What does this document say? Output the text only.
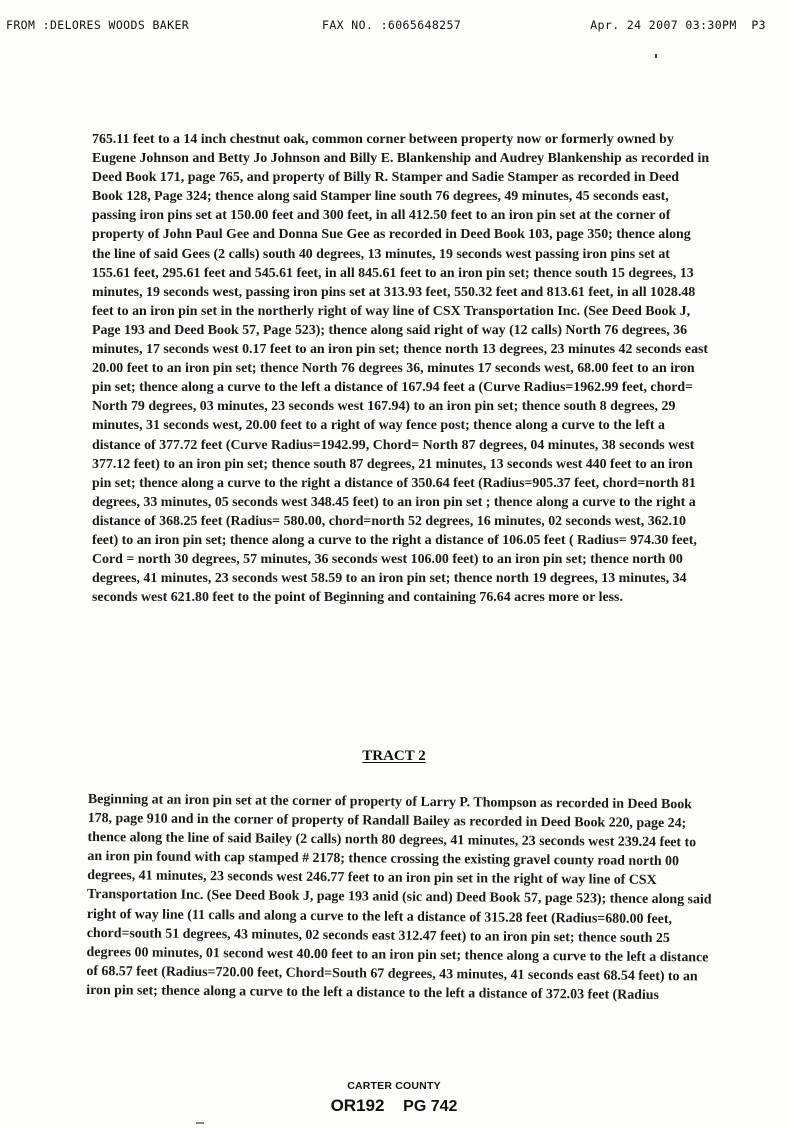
FROM :DELORES WOODS BAKER	FAX NO. :6065648257	Apr. 24 2007 03:30PM  P3

765.11 feet to a 14 inch chestnut oak, common corner between property now or formerly owned by Eugene Johnson and Betty Jo Johnson and Billy E. Blankenship and Audrey Blankenship as recorded in Deed Book 171, page 765, and property of Billy R. Stamper and Sadie Stamper as recorded in Deed Book 128, Page 324; thence along said Stamper line south 76 degrees, 49 minutes, 45 seconds east, passing iron pins set at 150.00 feet and 300 feet, in all 412.50 feet to an iron pin set at the corner of property of John Paul Gee and Donna Sue Gee as recorded in Deed Book 103, page 350; thence along the line of said Gees (2 calls) south 40 degrees, 13 minutes, 19 seconds west passing iron pins set at 155.61 feet, 295.61 feet and 545.61 feet, in all 845.61 feet to an iron pin set; thence south 15 degrees, 13 minutes, 19 seconds west, passing iron pins set at 313.93 feet, 550.32 feet and 813.61 feet, in all 1028.48 feet to an iron pin set in the northerly right of way line of CSX Transportation Inc. (See Deed Book J, Page 193 and Deed Book 57, Page 523); thence along said right of way (12 calls) North 76 degrees, 36 minutes, 17 seconds west 0.17 feet to an iron pin set; thence north 13 degrees, 23 minutes 42 seconds east 20.00 feet to an iron pin set; thence North 76 degrees 36, minutes 17 seconds west, 68.00 feet to an iron pin set; thence along a curve to the left a distance of 167.94 feet a (Curve Radius=1962.99 feet, chord= North 79 degrees, 03 minutes, 23 seconds west 167.94) to an iron pin set; thence south 8 degrees, 29 minutes, 31 seconds west, 20.00 feet to a right of way fence post; thence along a curve to the left a distance of 377.72 feet (Curve Radius=1942.99, Chord= North 87 degrees, 04 minutes, 38 seconds west 377.12 feet) to an iron pin set; thence south 87 degrees, 21 minutes, 13 seconds west 440 feet to an iron pin set; thence along a curve to the right a distance of 350.64 feet (Radius=905.37 feet, chord=north 81 degrees, 33 minutes, 05 seconds west 348.45 feet) to an iron pin set ; thence along a curve to the right a distance of 368.25 feet (Radius= 580.00, chord=north 52 degrees, 16 minutes, 02 seconds west, 362.10 feet) to an iron pin set; thence along a curve to the right a distance of 106.05 feet ( Radius= 974.30 feet, Cord = north 30 degrees, 57 minutes, 36 seconds west 106.00 feet) to an iron pin set; thence north 00 degrees, 41 minutes, 23 seconds west 58.59 to an iron pin set; thence north 19 degrees, 13 minutes, 34 seconds west 621.80 feet to the point of Beginning and containing 76.64 acres more or less.

TRACT 2

Beginning at an iron pin set at the corner of property of Larry P. Thompson as recorded in Deed Book 178, page 910 and in the corner of property of Randall Bailey as recorded in Deed Book 220, page 24; thence along the line of said Bailey (2 calls) north 80 degrees, 41 minutes, 23 seconds west 239.24 feet to an iron pin found with cap stamped # 2178; thence crossing the existing gravel county road north 00 degrees, 41 minutes, 23 seconds west 246.77 feet to an iron pin set in the right of way line of CSX Transportation Inc. (See Deed Book J, page 193 anid (sic and) Deed Book 57, page 523); thence along said right of way line (11 calls and along a curve to the left a distance of 315.28 feet (Radius=680.00 feet, chord=south 51 degrees, 43 minutes, 02 seconds east 312.47 feet) to an iron pin set; thence south 25 degrees 00 minutes, 01 second west 40.00 feet to an iron pin set; thence along a curve to the left a distance of 68.57 feet (Radius=720.00 feet, Chord=South 67 degrees, 43 minutes, 41 seconds east 68.54 feet) to an iron pin set; thence along a curve to the left a distance to the left a distance of 372.03 feet (Radius

CARTER COUNTY
OR192 PG 742
